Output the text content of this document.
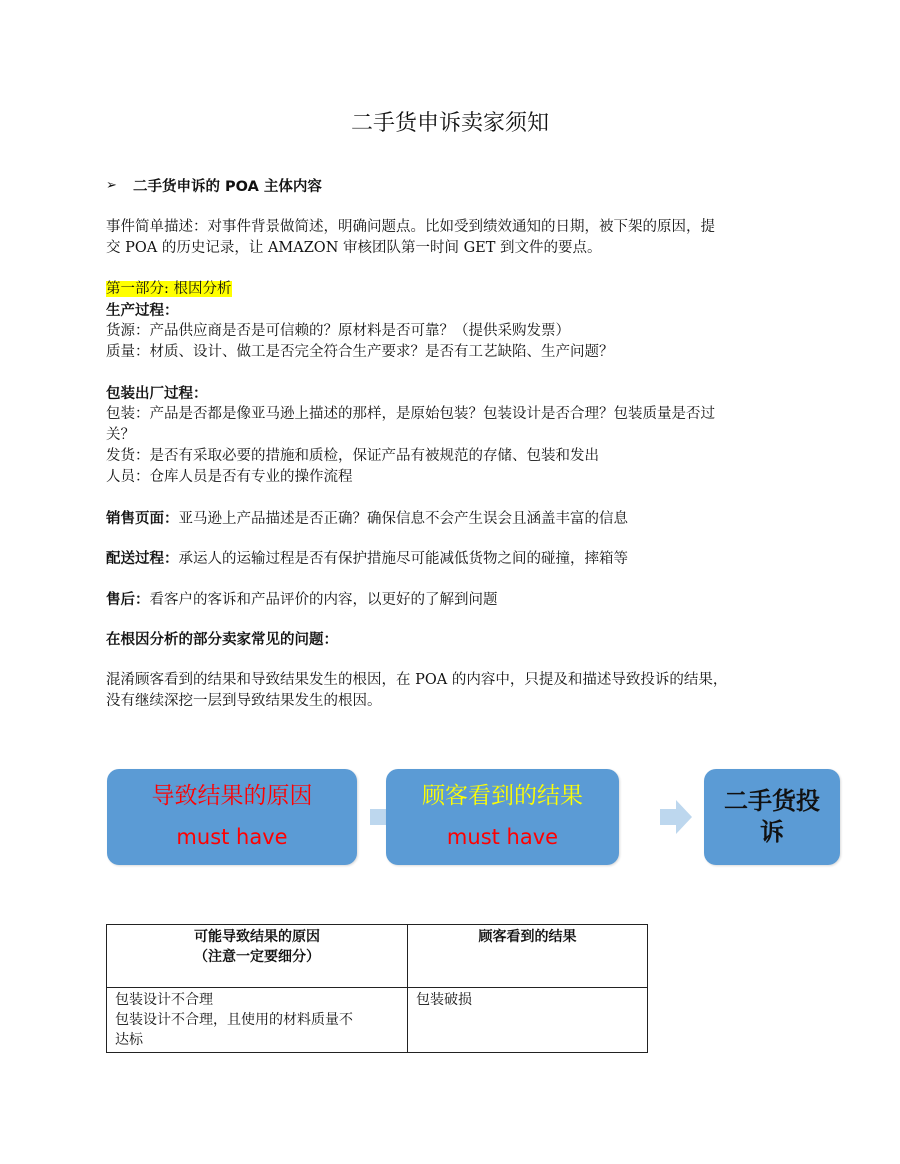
二手货申诉卖家须知
➢ 二手货申诉的 POA 主体内容
事件简单描述：对事件背景做简述，明确问题点。比如受到绩效通知的日期，被下架的原因，提
交 POA 的历史记录，让 AMAZON 审核团队第一时间 GET 到文件的要点。
第一部分: 根因分析
生产过程：
货源：产品供应商是否是可信赖的？原材料是否可靠？（提供采购发票）
质量：材质、设计、做工是否完全符合生产要求？是否有工艺缺陷、生产问题？
包装出厂过程：
包装：产品是否都是像亚马逊上描述的那样，是原始包装？包装设计是否合理？包装质量是否过
关？
发货：是否有采取必要的措施和质检，保证产品有被规范的存储、包装和发出
人员：仓库人员是否有专业的操作流程
销售页面：亚马逊上产品描述是否正确？确保信息不会产生误会且涵盖丰富的信息
配送过程：承运人的运输过程是否有保护措施尽可能减低货物之间的碰撞，摔箱等
售后：看客户的客诉和产品评价的内容，以更好的了解到问题
在根因分析的部分卖家常见的问题：
混淆顾客看到的结果和导致结果发生的根因，在 POA 的内容中，只提及和描述导致投诉的结果，
没有继续深挖一层到导致结果发生的根因。
导致结果的原因
must have
顾客看到的结果
must have
二手货投
诉
可能导致结果的原因
（注意一定要细分）	顾客看到的结果

包装设计不合理
包装设计不合理，且使用的材料质量不
达标	包装破损
